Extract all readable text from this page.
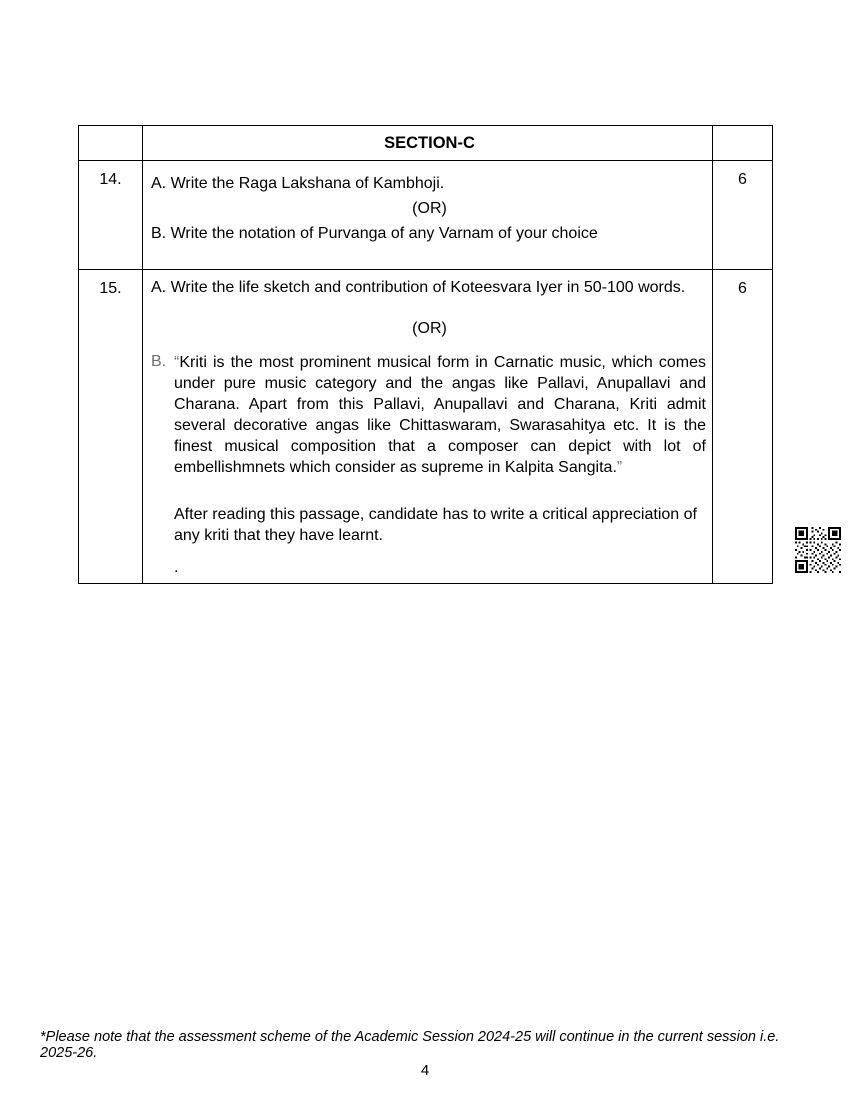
SECTION-C
14.	A. Write the Raga Lakshana of Kambhoji.

(OR)

B. Write the notation of Purvanga of any Varnam of your choice

6
15.	A. Write the life sketch and contribution of Koteesvara Iyer in 50-100 words.

(OR)

B. “Kriti is the most prominent musical form in Carnatic music, which comes under pure music category and the angas like Pallavi, Anupallavi and Charana. Apart from this Pallavi, Anupallavi and Charana, Kriti admit several decorative angas like Chittaswaram, Swarasahitya etc. It is the finest musical composition that a composer can depict with lot of embellishmnets which consider as supreme in Kalpita Sangita.”

After reading this passage, candidate has to write a critical appreciation of any kriti that they have learnt.

.

6

*Please note that the assessment scheme of the Academic Session 2024-25 will continue in the current session i.e. 2025-26.

4
